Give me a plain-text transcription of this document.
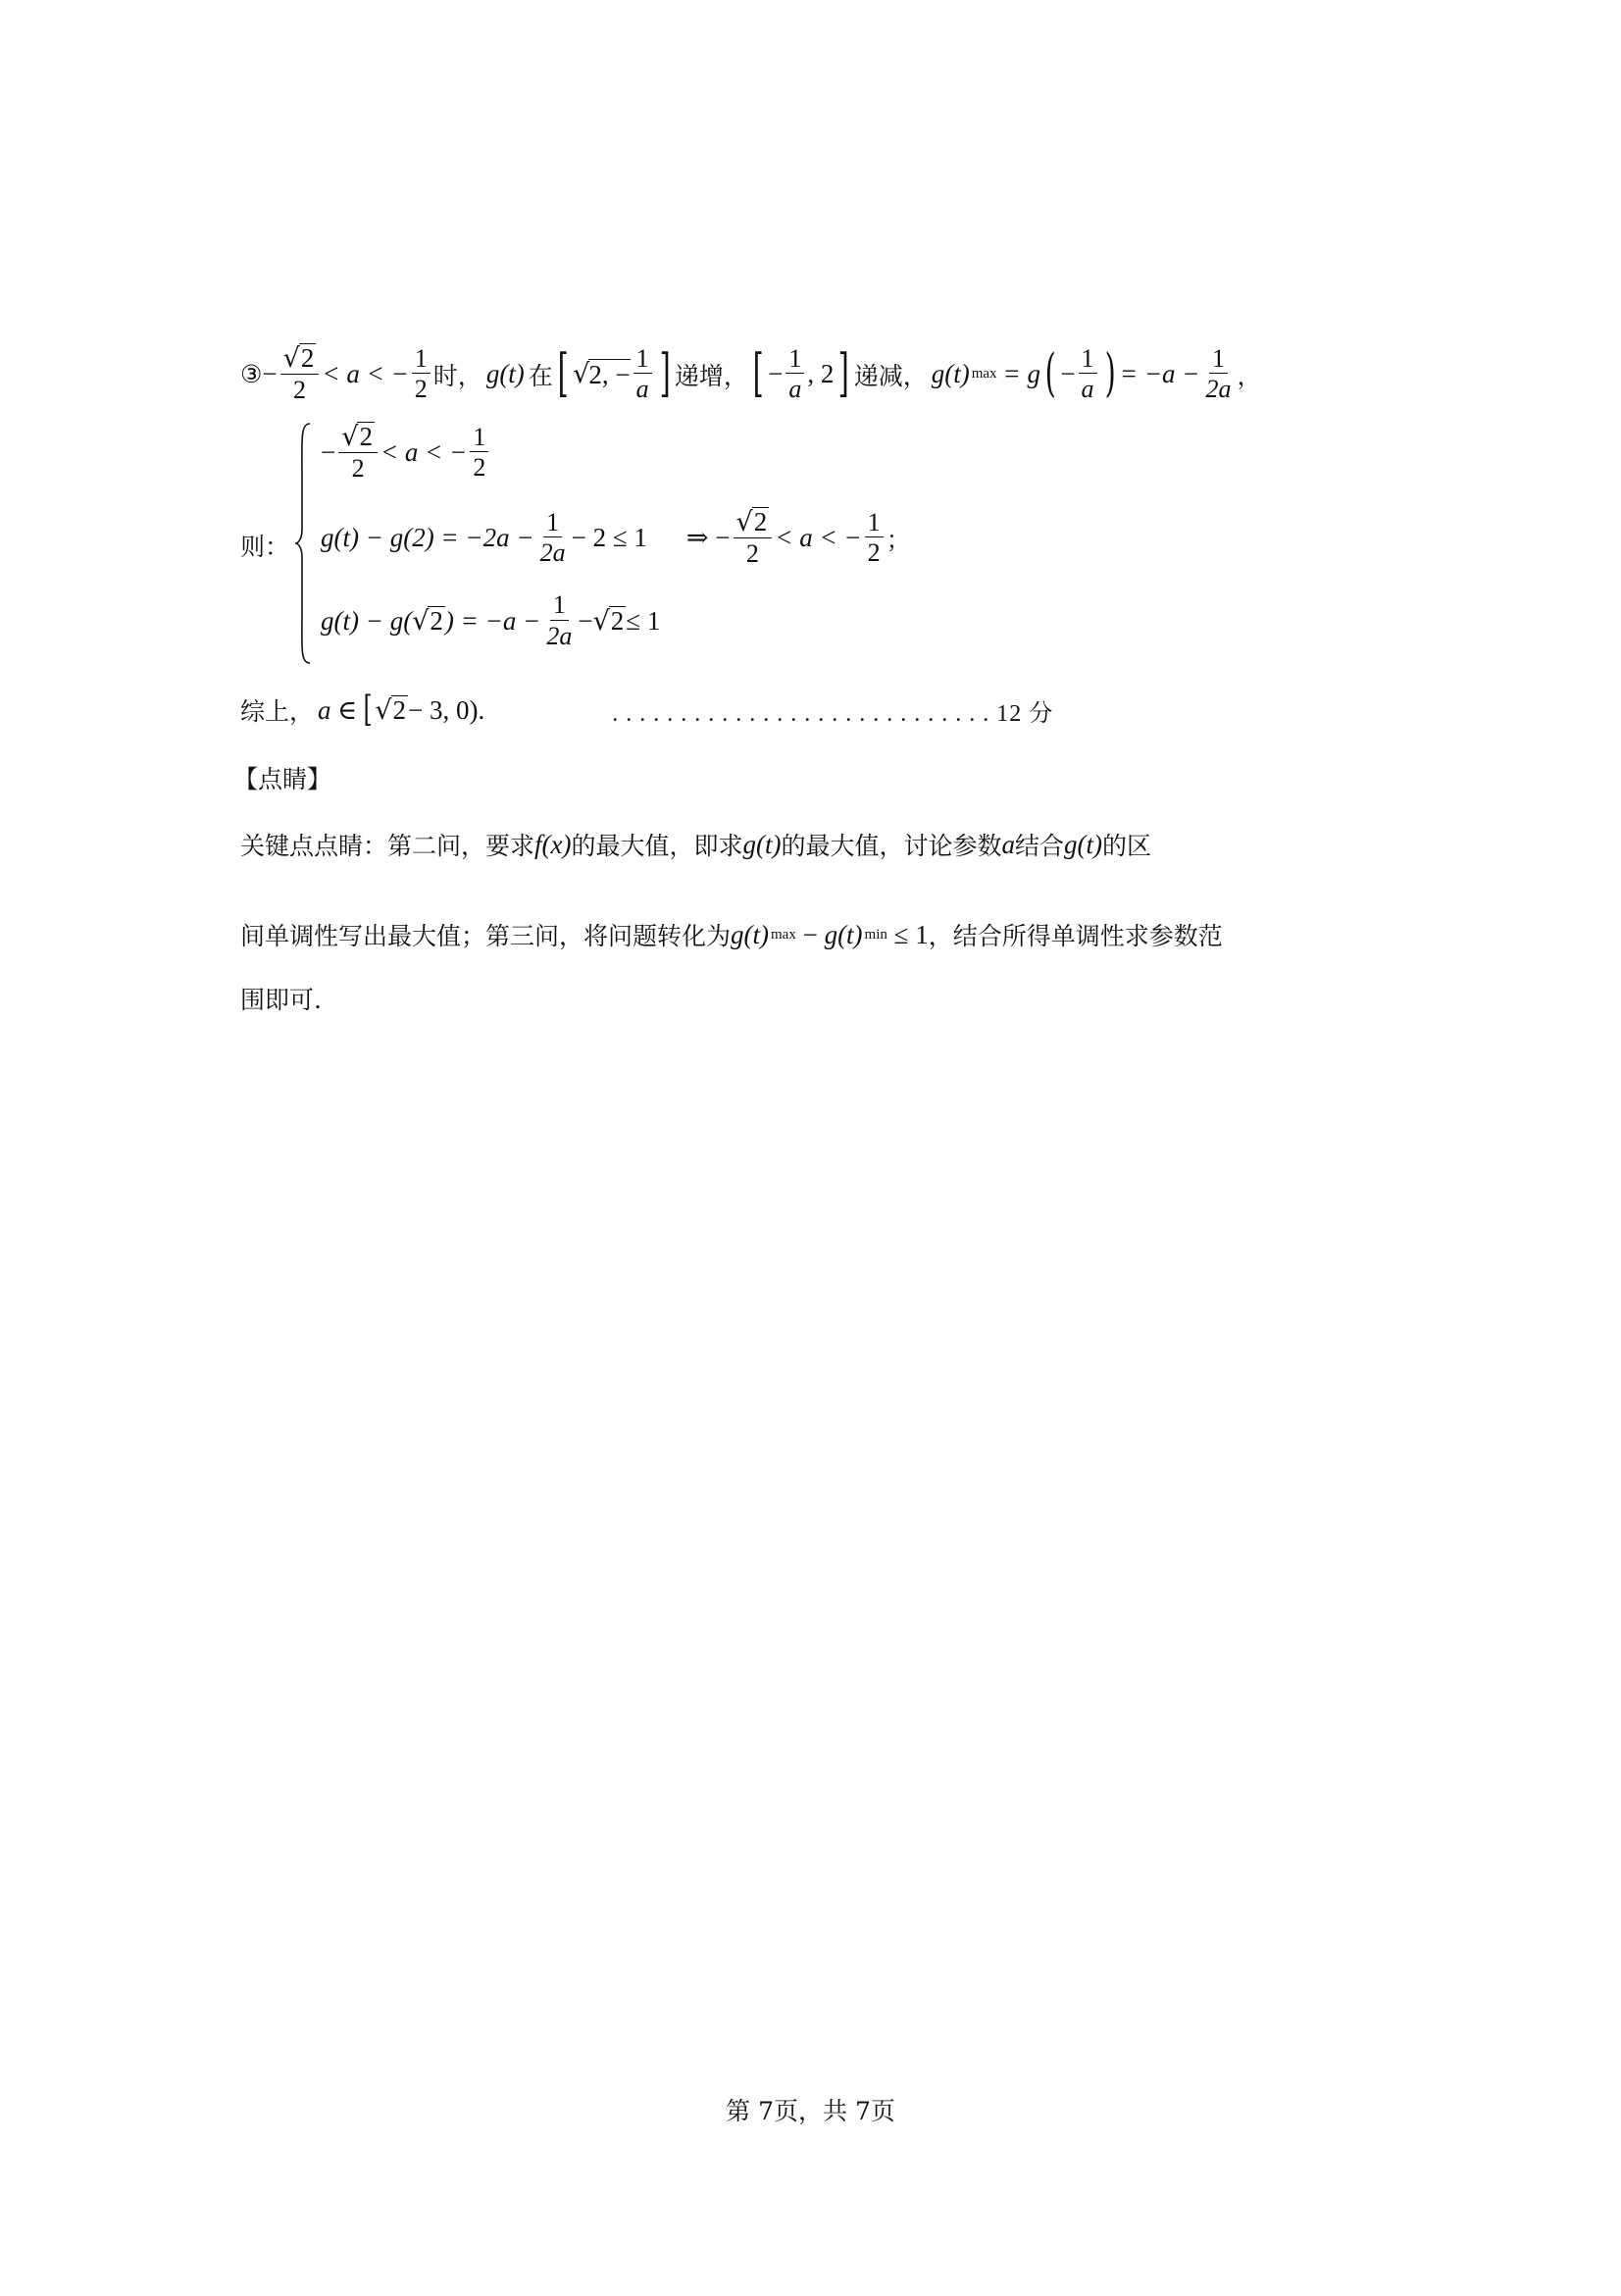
③ − $\frac{√ 2}{2} < a$ < − $\frac{1}{2}$ 时， g(t) 在 [ √ 2, − $\frac{1}{a}$ ] 递增， [ − $\frac{1}{a}$ , 2 ] 递减， g(t) max = g ( − $\frac{1}{a}$ ) = $-a - \frac{1}{2a}$ ，
则：
− $\frac{√ 2}{2} < a$ < − $\frac{1}{2}$
$g(t) - g(2) = -2a - \frac{1}{2a} - 2 \le 1$ ⇒ − $\frac{√ 2}{2} < a$ < − $\frac{1}{2}$ ；
g(t) − g( √ 2 ) = $-a - \frac{1}{2a}$ − √ 2 ≤ 1
综上， a ∈ [ √ 2 − 3, 0 ).	. . . . . . . . . . . . . . . . . . . . . . . . . . . . 12 分
【点睛】
关键点点睛：第二问，要求 f(x) 的最大值，即求 g(t) 的最大值，讨论参数 a 结合 g(t) 的区
间单调性写出最大值；第三问，将问题转化为 g(t) max − g(t) min ≤ 1 ，结合所得单调性求参数范
围即可.
第 7页，共 7页
